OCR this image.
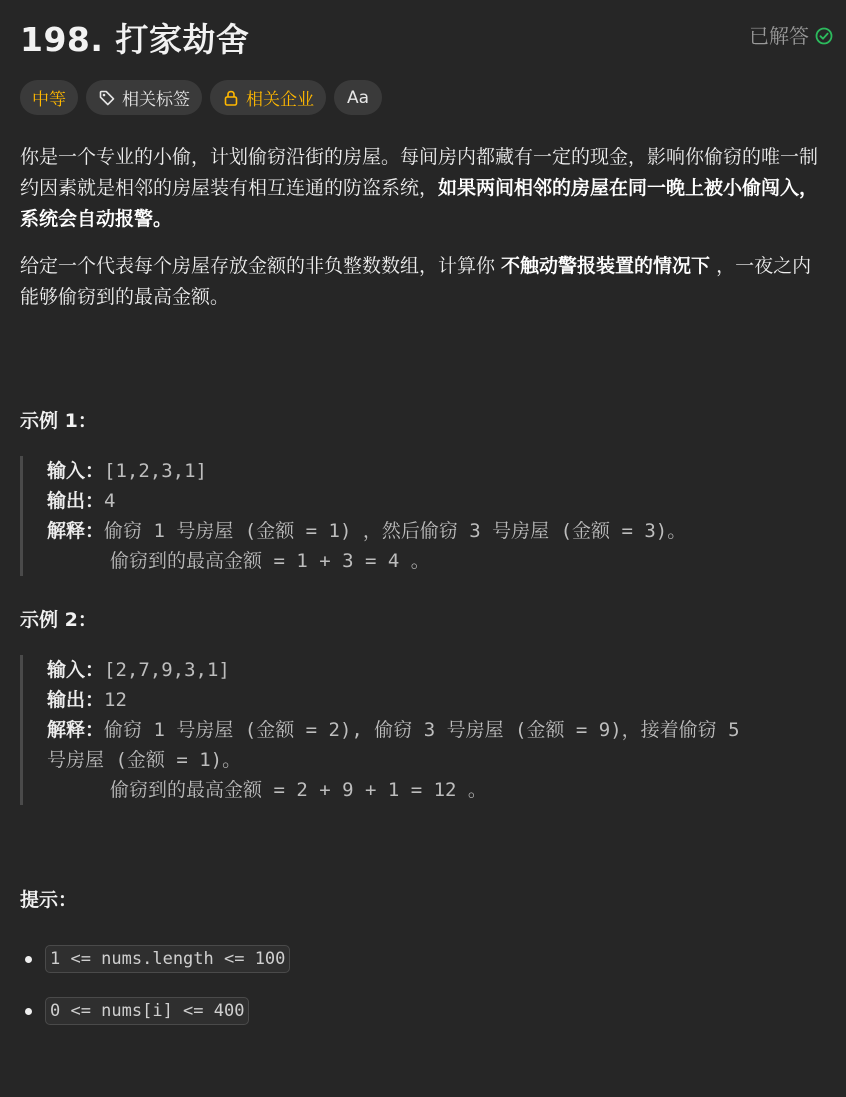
198. 打家劫舍	已解答
中等	相关标签	相关企业 Aa

你是一个专业的小偷，计划偷窃沿街的房屋。每间房内都藏有一定的现金，影响你偷窃的唯一制约因素就是相邻的房屋装有相互连通的防盗系统，如果两间相邻的房屋在同一晚上被小偷闯入，系统会自动报警。

给定一个代表每个房屋存放金额的非负整数数组，计算你 不触动警报装置的情况下 ，一夜之内能够偷窃到的最高金额。

示例 1：
输入：[1,2,3,1]
输出：4
解释：偷窃 1 号房屋 (金额 = 1) ，然后偷窃 3 号房屋 (金额 = 3)。
偷窃到的最高金额 = 1 + 3 = 4 。
示例 2：
输入：[2,7,9,3,1]
输出：12
解释：偷窃 1 号房屋 (金额 = 2), 偷窃 3 号房屋 (金额 = 9)，接着偷窃 5
号房屋 (金额 = 1)。
偷窃到的最高金额 = 2 + 9 + 1 = 12 。
提示：
1 <= nums.length <= 100
0 <= nums[i] <= 400
